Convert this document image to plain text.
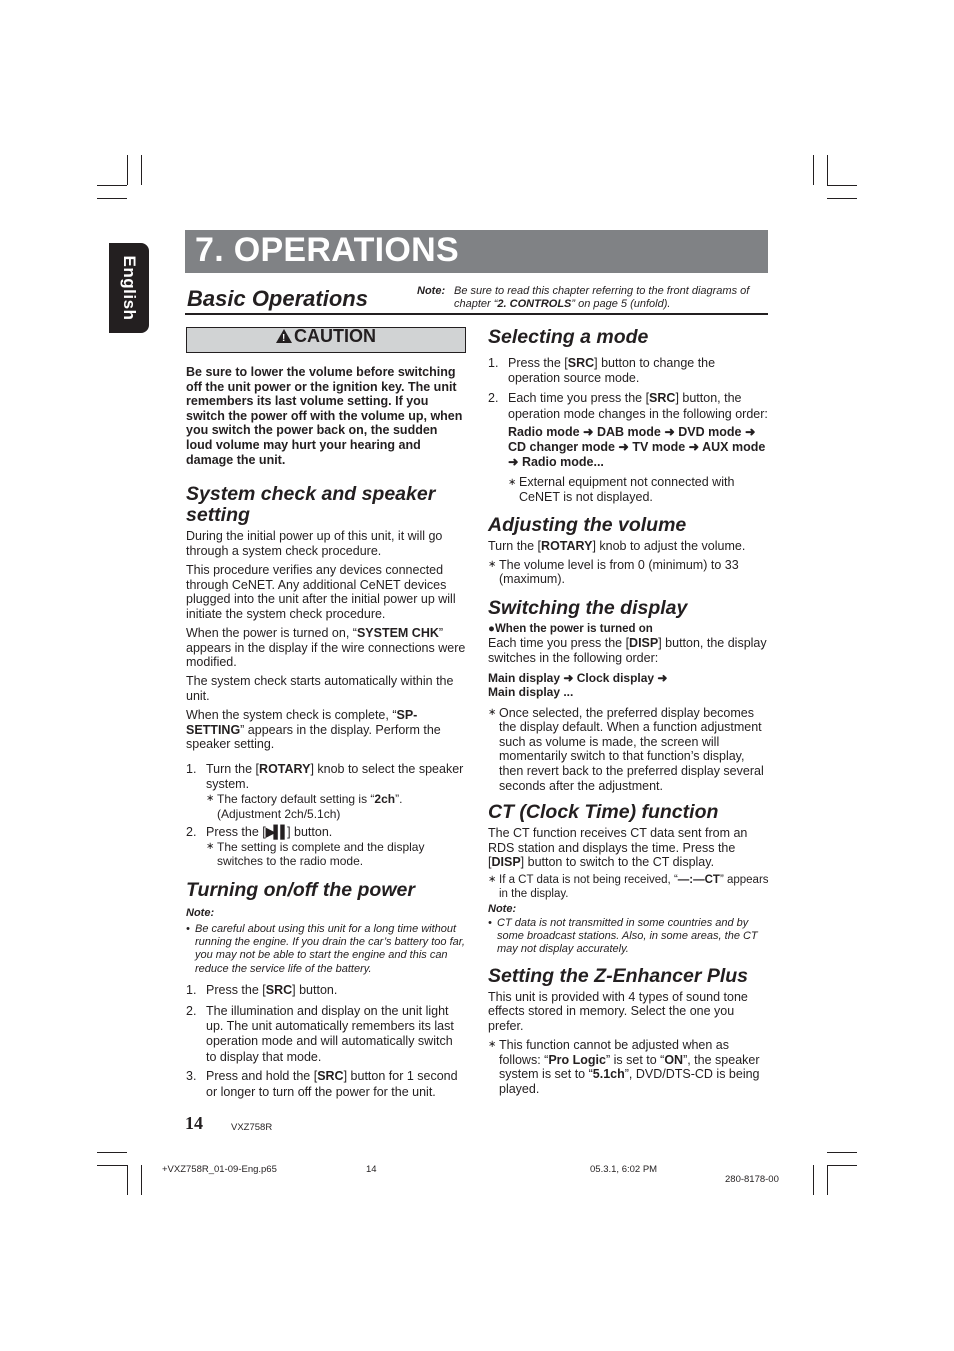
English
7. OPERATIONS
Basic Operations	Note: Be sure to read this chapter referring to the front diagrams of chapter “2. CONTROLS” on page 5 (unfold).
! CAUTION

Be sure to lower the volume before switching off the unit power or the ignition key. The unit remembers its last volume setting. If you switch the power off with the volume up, when you switch the power back on, the sudden loud volume may hurt your hearing and damage the unit.

System check and speaker setting

During the initial power up of this unit, it will go through a system check procedure.

This procedure verifies any devices connected through CeNET. Any additional CeNET devices plugged into the unit after the initial power up will initiate the system check procedure.

When the power is turned on, “SYSTEM CHK” appears in the display if the wire connections were modified.

The system check starts automatically within the unit.

When the system check is complete, “SP-SETTING” appears in the display. Perform the speaker setting.

1. Turn the [ROTARY] knob to select the speaker system.
∗ The factory default setting is “2ch”. (Adjustment 2ch/5.1ch)
2. Press the [▶▌▌] button.
∗ The setting is complete and the display switches to the radio mode.
Turning on/off the power
Note:
• Be careful about using this unit for a long time without running the engine. If you drain the car’s battery too far, you may not be able to start the engine and this can reduce the service life of the battery.
1. Press the [SRC] button.
2. The illumination and display on the unit light up. The unit automatically remembers its last operation mode and will automatically switch to display that mode.
3. Press and hold the [SRC] button for 1 second or longer to turn off the power for the unit.
Selecting a mode
1. Press the [SRC] button to change the operation source mode.
2. Each time you press the [SRC] button, the operation mode changes in the following order:
Radio mode ➜ DAB mode ➜ DVD mode ➜ CD changer mode ➜ TV mode ➜ AUX mode ➜ Radio mode...
∗ External equipment not connected with CeNET is not displayed.
Adjusting the volume

Turn the [ROTARY] knob to adjust the volume.

∗ The volume level is from 0 (minimum) to 33 (maximum).
Switching the display
●When the power is turned on

Each time you press the [DISP] button, the display switches in the following order:

Main display ➜ Clock display ➜ Main display ...
∗ Once selected, the preferred display becomes the display default. When a function adjustment such as volume is made, the screen will momentarily switch to that function’s display, then revert back to the preferred display several seconds after the adjustment.
CT (Clock Time) function

The CT function receives CT data sent from an RDS station and displays the time. Press the [DISP] button to switch to the CT display.

∗ If a CT data is not being received, “—:—CT” appears in the display.
Note:
• CT data is not transmitted in some countries and by some broadcast stations. Also, in some areas, the CT may not display accurately.
Setting the Z-Enhancer Plus

This unit is provided with 4 types of sound tone effects stored in memory. Select the one you prefer.

∗ This function cannot be adjusted when as follows: “Pro Logic” is set to “ON”, the speaker system is set to “5.1ch”, DVD/DTS-CD is being played.
14	VXZ758R
+VXZ758R_01-09-Eng.p65	14	05.3.1, 6:02 PM
280-8178-00
